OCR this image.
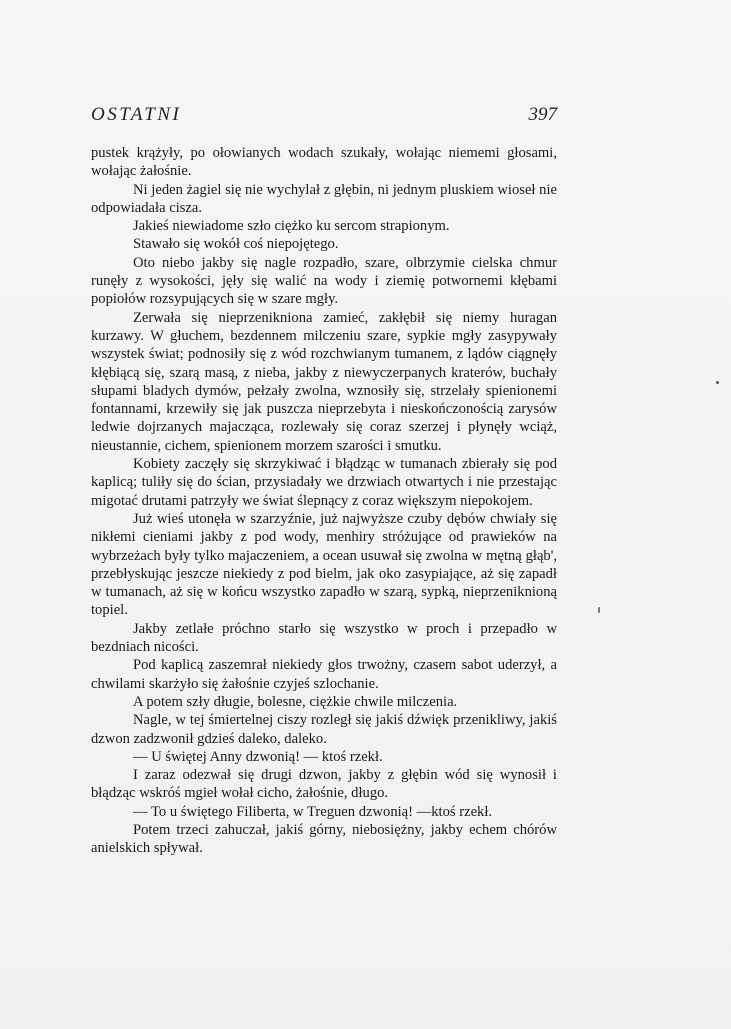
OSTATNI	397

pustek krążyły, po ołowianych wodach szukały, wołając niememi głosami, wołając żałośnie.

Ni jeden żagiel się nie wychylał z głębin, ni jednym pluskiem wioseł nie odpowiadała cisza.

Jakieś niewiadome szło ciężko ku sercom strapionym.

Stawało się wokół coś niepojętego.

Oto niebo jakby się nagle rozpadło, szare, olbrzymie cielska chmur runęły z wysokości, jęły się walić na wody i ziemię potwornemi kłębami popiołów rozsypujących się w szare mgły.

Zerwała się nieprzenikniona zamieć, zakłębił się niemy huragan kurzawy. W głuchem, bezdennem milczeniu szare, sypkie mgły zasypywały wszystek świat; podnosiły się z wód rozchwianym tumanem, z lądów ciągnęły kłębiącą się, szarą masą, z nieba, jakby z niewyczerpanych kraterów, buchały słupami bladych dymów, pełzały zwolna, wznosiły się, strzelały spienionemi fontannami, krzewiły się jak puszcza nieprzebyta i nieskończonością zarysów ledwie dojrzanych majacząca, rozlewały się coraz szerzej i płynęły wciąż, nieustannie, cichem, spienionem morzem szarości i smutku.

Kobiety zaczęły się skrzykiwać i błądząc w tumanach zbierały się pod kaplicą; tuliły się do ścian, przysiadały we drzwiach otwartych i nie przestając migotać drutami patrzyły we świat ślepnący z coraz większym niepokojem.

Już wieś utonęła w szarzyźnie, już najwyższe czuby dębów chwiały się nikłemi cieniami jakby z pod wody, menhiry stróżujące od prawieków na wybrzeżach były tylko majaczeniem, a ocean usuwał się zwolna w mętną głąb', przebłyskując jeszcze niekiedy z pod bielm, jak oko zasypiające, aż się zapadł w tumanach, aż się w końcu wszystko zapadło w szarą, sypką, nieprzeniknioną topiel.

Jakby zetlałe próchno starło się wszystko w proch i przepadło w bezdniach nicości.

Pod kaplicą zaszemrał niekiedy głos trwożny, czasem sabot uderzył, a chwilami skarżyło się żałośnie czyjeś szlochanie.

A potem szły długie, bolesne, ciężkie chwile milczenia.

Nagle, w tej śmiertelnej ciszy rozległ się jakiś dźwięk przenikliwy, jakiś dzwon zadzwonił gdzieś daleko, daleko.

— U świętej Anny dzwonią! — ktoś rzekł.

I zaraz odezwał się drugi dzwon, jakby z głębin wód się wynosił i błądząc wskróś mgieł wołał cicho, żałośnie, długo.

— To u świętego Filiberta, w Treguen dzwonią! —ktoś rzekł.

Potem trzeci zahuczał, jakiś górny, niebosiężny, jakby echem chórów anielskich spływał.
